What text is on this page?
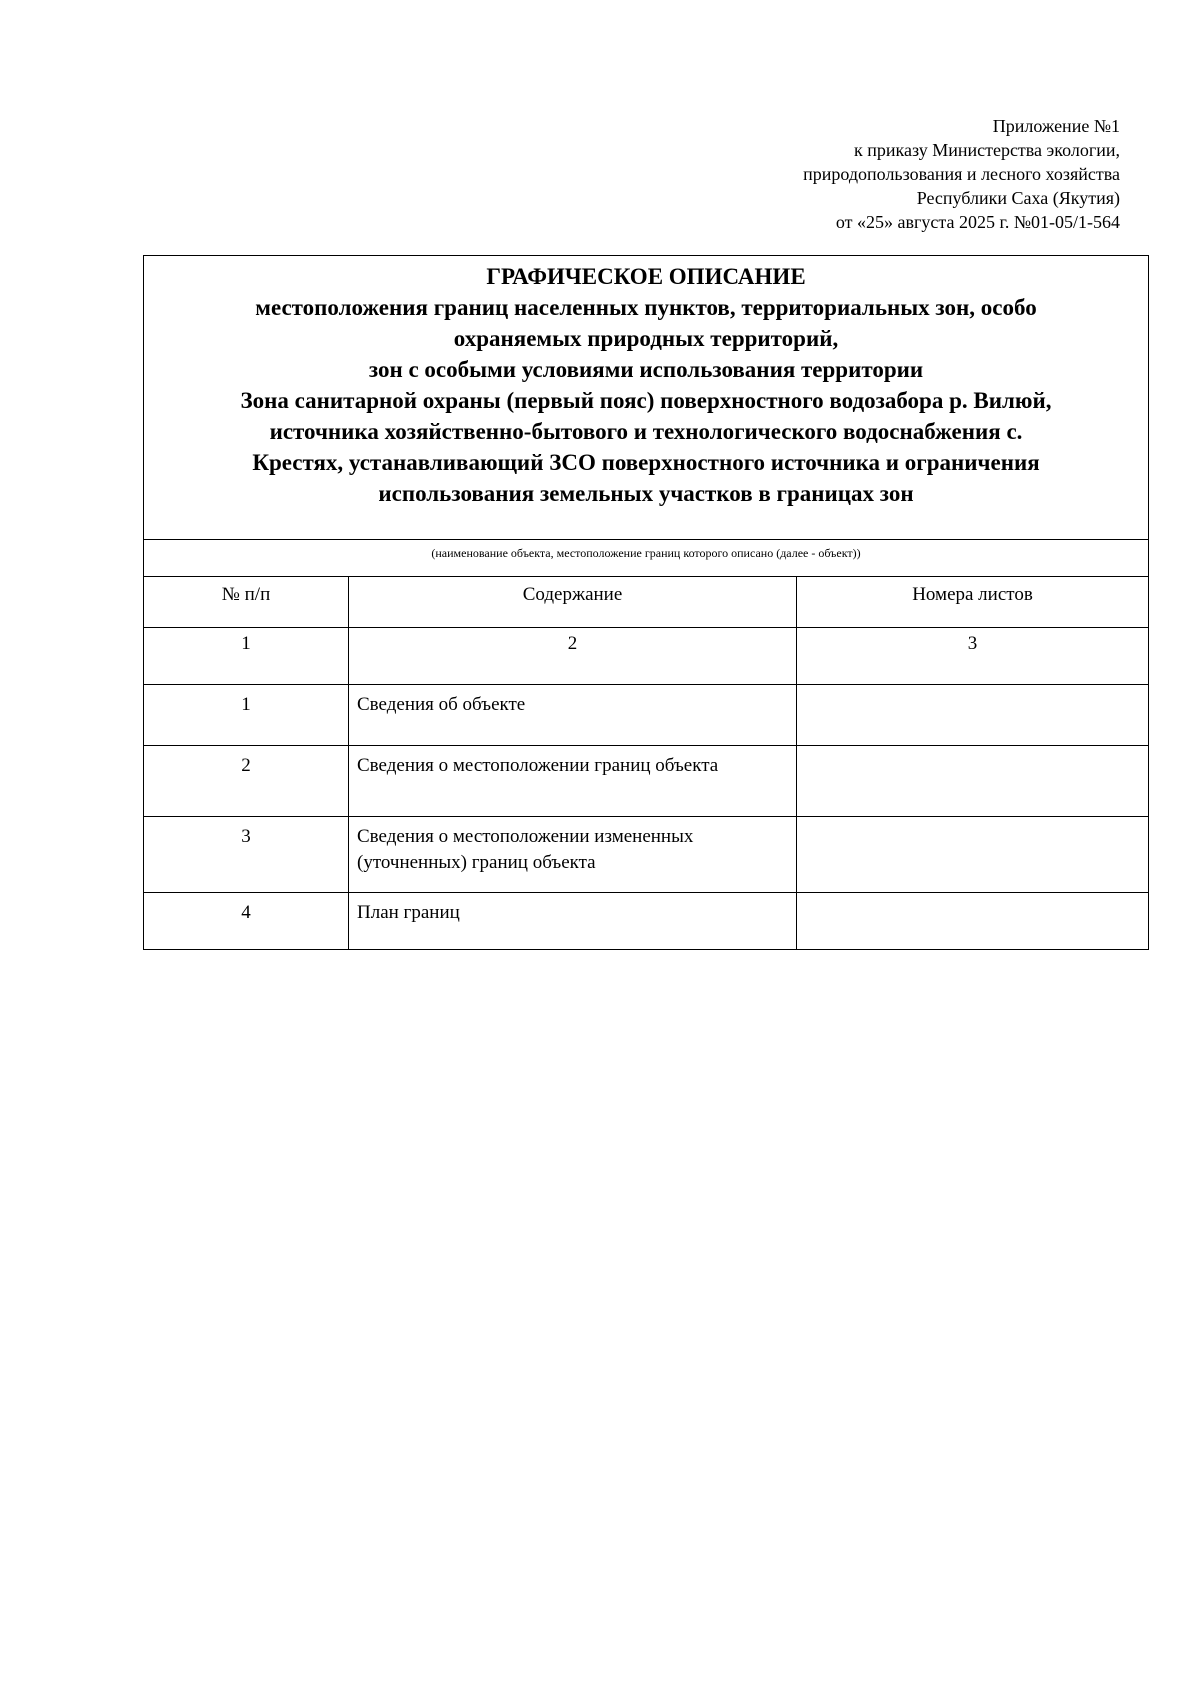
Приложение №1
к приказу Министерства экологии,
природопользования и лесного хозяйства
Республики Саха (Якутия)
от «25» августа 2025 г. №01-05/1-564
ГРАФИЧЕСКОЕ ОПИСАНИЕ
местоположения границ населенных пунктов, территориальных зон, особо
охраняемых природных территорий,
зон с особыми условиями использования территории
Зона санитарной охраны (первый пояс) поверхностного водозабора р. Вилюй,
источника хозяйственно-бытового и технологического водоснабжения с.
Крестях, устанавливающий ЗСО поверхностного источника и ограничения
использования земельных участков в границах зон
(наименование объекта, местоположение границ которого описано (далее - объект))
№ п/п	Содержание	Номера листов

1	2	3

1	Сведения об объекте	

2	Сведения о местоположении границ объекта	

3	Сведения о местоположении измененных (уточненных) границ объекта	

4	План границ	
